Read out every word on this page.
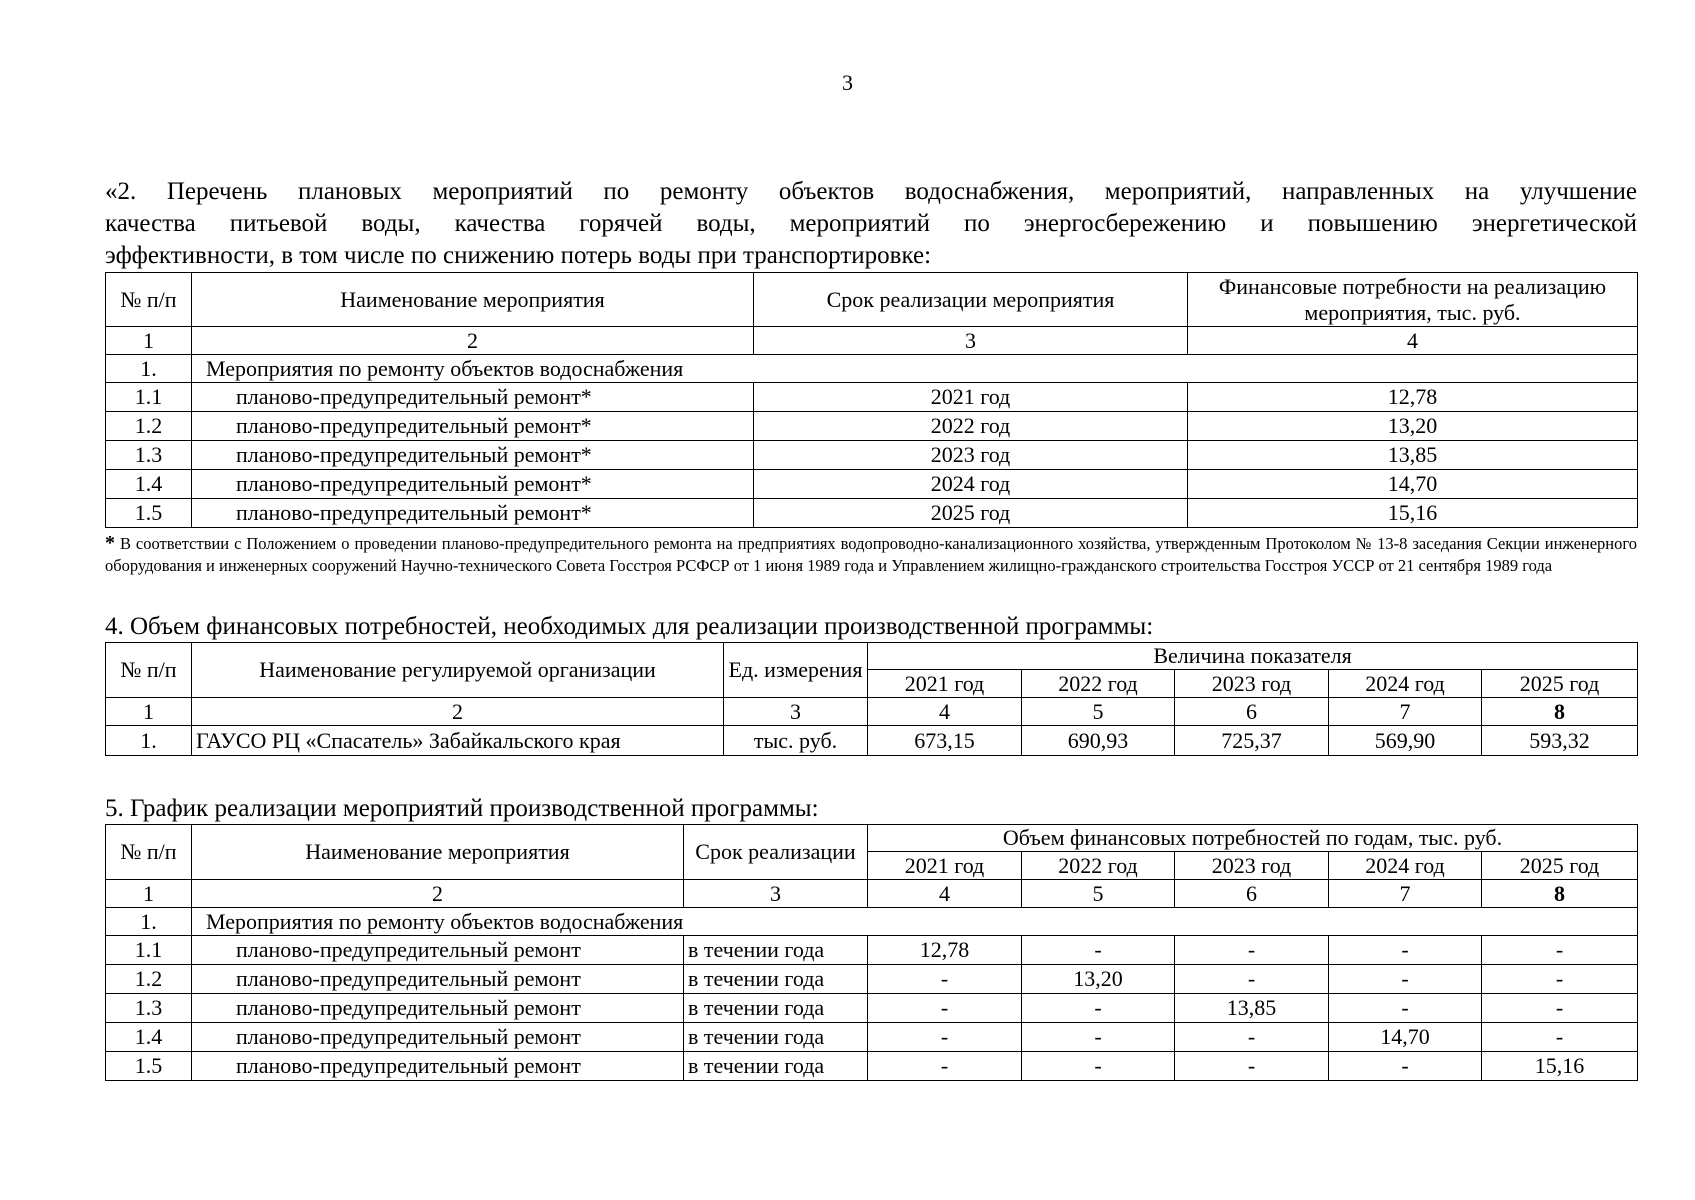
3
«2. Перечень плановых мероприятий по ремонту объектов водоснабжения, мероприятий, направленных на улучшение
качества питьевой воды, качества горячей воды, мероприятий по энергосбережению и повышению энергетической
эффективности, в том числе по снижению потерь воды при транспортировке:
№ п/п	Наименование мероприятия	Срок реализации мероприятия	Финансовые потребности на реализацию мероприятия, тыс. руб.
1	2	3	4
1.	Мероприятия по ремонту объектов водоснабжения		
1.1	планово-предупредительный ремонт*	2021 год	12,78
1.2	планово-предупредительный ремонт*	2022 год	13,20
1.3	планово-предупредительный ремонт*	2023 год	13,85
1.4	планово-предупредительный ремонт*	2024 год	14,70
1.5	планово-предупредительный ремонт*	2025 год	15,16
* В соответствии с Положением о проведении планово-предупредительного ремонта на предприятиях водопроводно-канализационного хозяйства, утвержденным Протоколом № 13-8 заседания Секции инженерного оборудования и инженерных сооружений Научно-технического Совета Госстроя РСФСР от 1 июня 1989 года и Управлением жилищно-гражданского строительства Госстроя УССР от 21 сентября 1989 года
4. Объем финансовых потребностей, необходимых для реализации производственной программы:
№ п/п	Наименование регулируемой организации	Ед. измерения	Величина показателя				
			2021 год	2022 год	2023 год	2024 год	2025 год
1	2	3	4	5	6	7	8
1.	ГАУСО РЦ «Спасатель» Забайкальского края	тыс. руб.	673,15	690,93	725,37	569,90	593,32
5. График реализации мероприятий производственной программы:
№ п/п	Наименование мероприятия	Срок реализации	Объем финансовых потребностей по годам, тыс. руб.				
			2021 год	2022 год	2023 год	2024 год	2025 год
1	2	3	4	5	6	7	8
1.	Мероприятия по ремонту объектов водоснабжения						
1.1	планово-предупредительный ремонт	в течении года	12,78	-	-	-	-
1.2	планово-предупредительный ремонт	в течении года	-	13,20	-	-	-
1.3	планово-предупредительный ремонт	в течении года	-	-	13,85	-	-
1.4	планово-предупредительный ремонт	в течении года	-	-	-	14,70	-
1.5	планово-предупредительный ремонт	в течении года	-	-	-	-	15,16
